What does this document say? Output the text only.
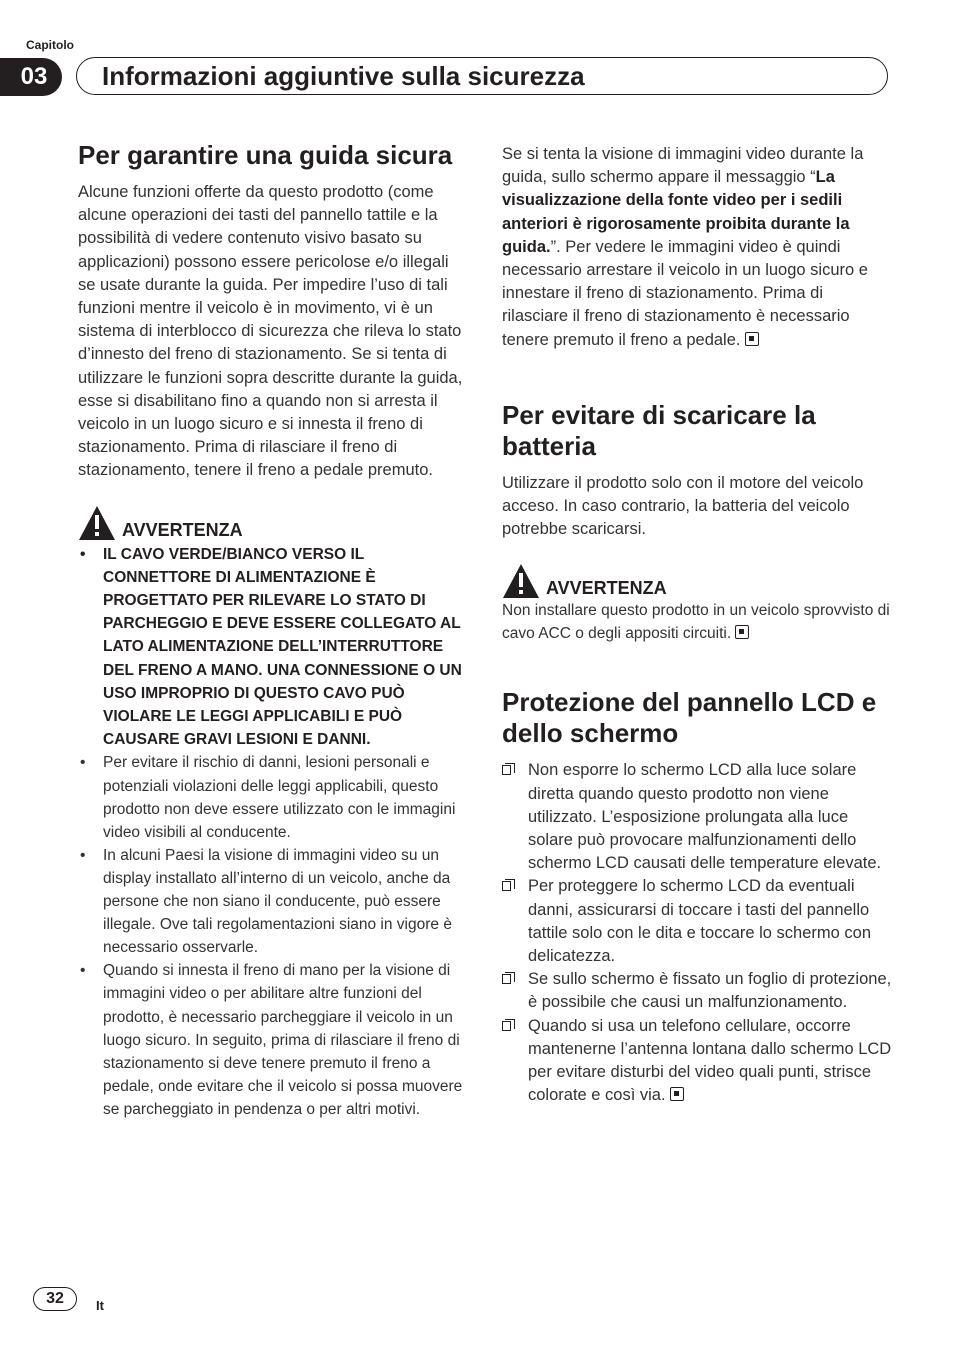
Capitolo
03	Informazioni aggiuntive sulla sicurezza
Per garantire una guida sicura

Alcune funzioni offerte da questo prodotto (come alcune operazioni dei tasti del pannello tattile e la possibilità di vedere contenuto visivo basato su applicazioni) possono essere pericolose e/o illegali se usate durante la guida. Per impedire l’uso di tali funzioni mentre il veicolo è in movimento, vi è un sistema di interblocco di sicurezza che rileva lo stato d’innesto del freno di stazionamento. Se si tenta di utilizzare le funzioni sopra descritte durante la guida, esse si disabilitano fino a quando non si arresta il veicolo in un luogo sicuro e si innesta il freno di stazionamento. Prima di rilasciare il freno di stazionamento, tenere il freno a pedale premuto.

AVVERTENZA
• IL CAVO VERDE/BIANCO VERSO IL CONNETTORE DI ALIMENTAZIONE È PROGETTATO PER RILEVARE LO STATO DI PARCHEGGIO E DEVE ESSERE COLLEGATO AL LATO ALIMENTAZIONE DELL’INTERRUTTORE DEL FRENO A MANO. UNA CONNESSIONE O UN USO IMPROPRIO DI QUESTO CAVO PUÒ VIOLARE LE LEGGI APPLICABILI E PUÒ CAUSARE GRAVI LESIONI E DANNI.
• Per evitare il rischio di danni, lesioni personali e potenziali violazioni delle leggi applicabili, questo prodotto non deve essere utilizzato con le immagini video visibili al conducente.
• In alcuni Paesi la visione di immagini video su un display installato all’interno di un veicolo, anche da persone che non siano il conducente, può essere illegale. Ove tali regolamentazioni siano in vigore è necessario osservarle.
• Quando si innesta il freno di mano per la visione di immagini video o per abilitare altre funzioni del prodotto, è necessario parcheggiare il veicolo in un luogo sicuro. In seguito, prima di rilasciare il freno di stazionamento si deve tenere premuto il freno a pedale, onde evitare che il veicolo si possa muovere se parcheggiato in pendenza o per altri motivi.

Se si tenta la visione di immagini video durante la guida, sullo schermo appare il messaggio “La visualizzazione della fonte video per i sedili anteriori è rigorosamente proibita durante la guida.”. Per vedere le immagini video è quindi necessario arrestare il veicolo in un luogo sicuro e innestare il freno di stazionamento. Prima di rilasciare il freno di stazionamento è necessario tenere premuto il freno a pedale.

Per evitare di scaricare la batteria

Utilizzare il prodotto solo con il motore del veicolo acceso. In caso contrario, la batteria del veicolo potrebbe scaricarsi.

AVVERTENZA

Non installare questo prodotto in un veicolo sprovvisto di cavo ACC o degli appositi circuiti.

Protezione del pannello LCD e dello schermo
Non esporre lo schermo LCD alla luce solare diretta quando questo prodotto non viene utilizzato. L’esposizione prolungata alla luce solare può provocare malfunzionamenti dello schermo LCD causati delle temperature elevate.
Per proteggere lo schermo LCD da eventuali danni, assicurarsi di toccare i tasti del pannello tattile solo con le dita e toccare lo schermo con delicatezza.
Se sullo schermo è fissato un foglio di protezione, è possibile che causi un malfunzionamento.
Quando si usa un telefono cellulare, occorre mantenerne l’antenna lontana dallo schermo LCD per evitare disturbi del video quali punti, strisce colorate e così via.
32	It
